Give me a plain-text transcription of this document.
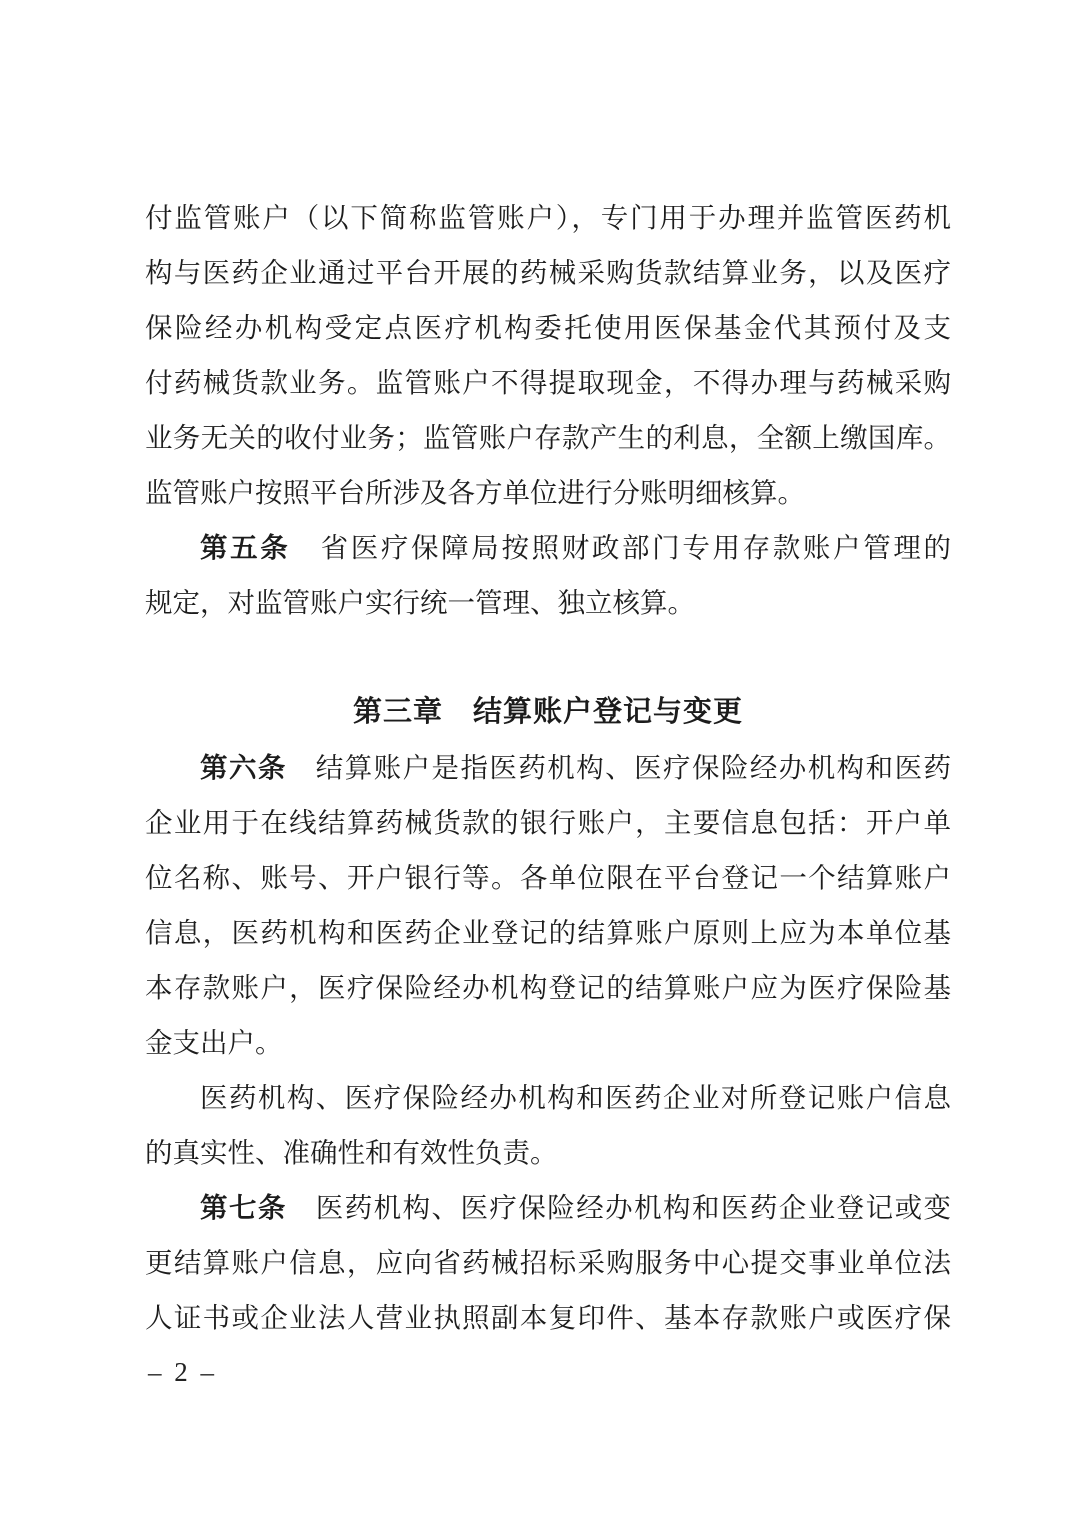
付监管账户（以下简称监管账户），专门用于办理并监管医药机
构与医药企业通过平台开展的药械采购货款结算业务，以及医疗
保险经办机构受定点医疗机构委托使用医保基金代其预付及支
付药械货款业务。监管账户不得提取现金，不得办理与药械采购
业务无关的收付业务；监管账户存款产生的利息，全额上缴国库。
监管账户按照平台所涉及各方单位进行分账明细核算。
第五条　省医疗保障局按照财政部门专用存款账户管理的
规定，对监管账户实行统一管理、独立核算。
第三章　结算账户登记与变更
第六条　结算账户是指医药机构、医疗保险经办机构和医药
企业用于在线结算药械货款的银行账户，主要信息包括：开户单
位名称、账号、开户银行等。各单位限在平台登记一个结算账户
信息，医药机构和医药企业登记的结算账户原则上应为本单位基
本存款账户，医疗保险经办机构登记的结算账户应为医疗保险基
金支出户。
医药机构、医疗保险经办机构和医药企业对所登记账户信息
的真实性、准确性和有效性负责。
第七条　医药机构、医疗保险经办机构和医药企业登记或变
更结算账户信息，应向省药械招标采购服务中心提交事业单位法
人证书或企业法人营业执照副本复印件、基本存款账户或医疗保
– 2 –
